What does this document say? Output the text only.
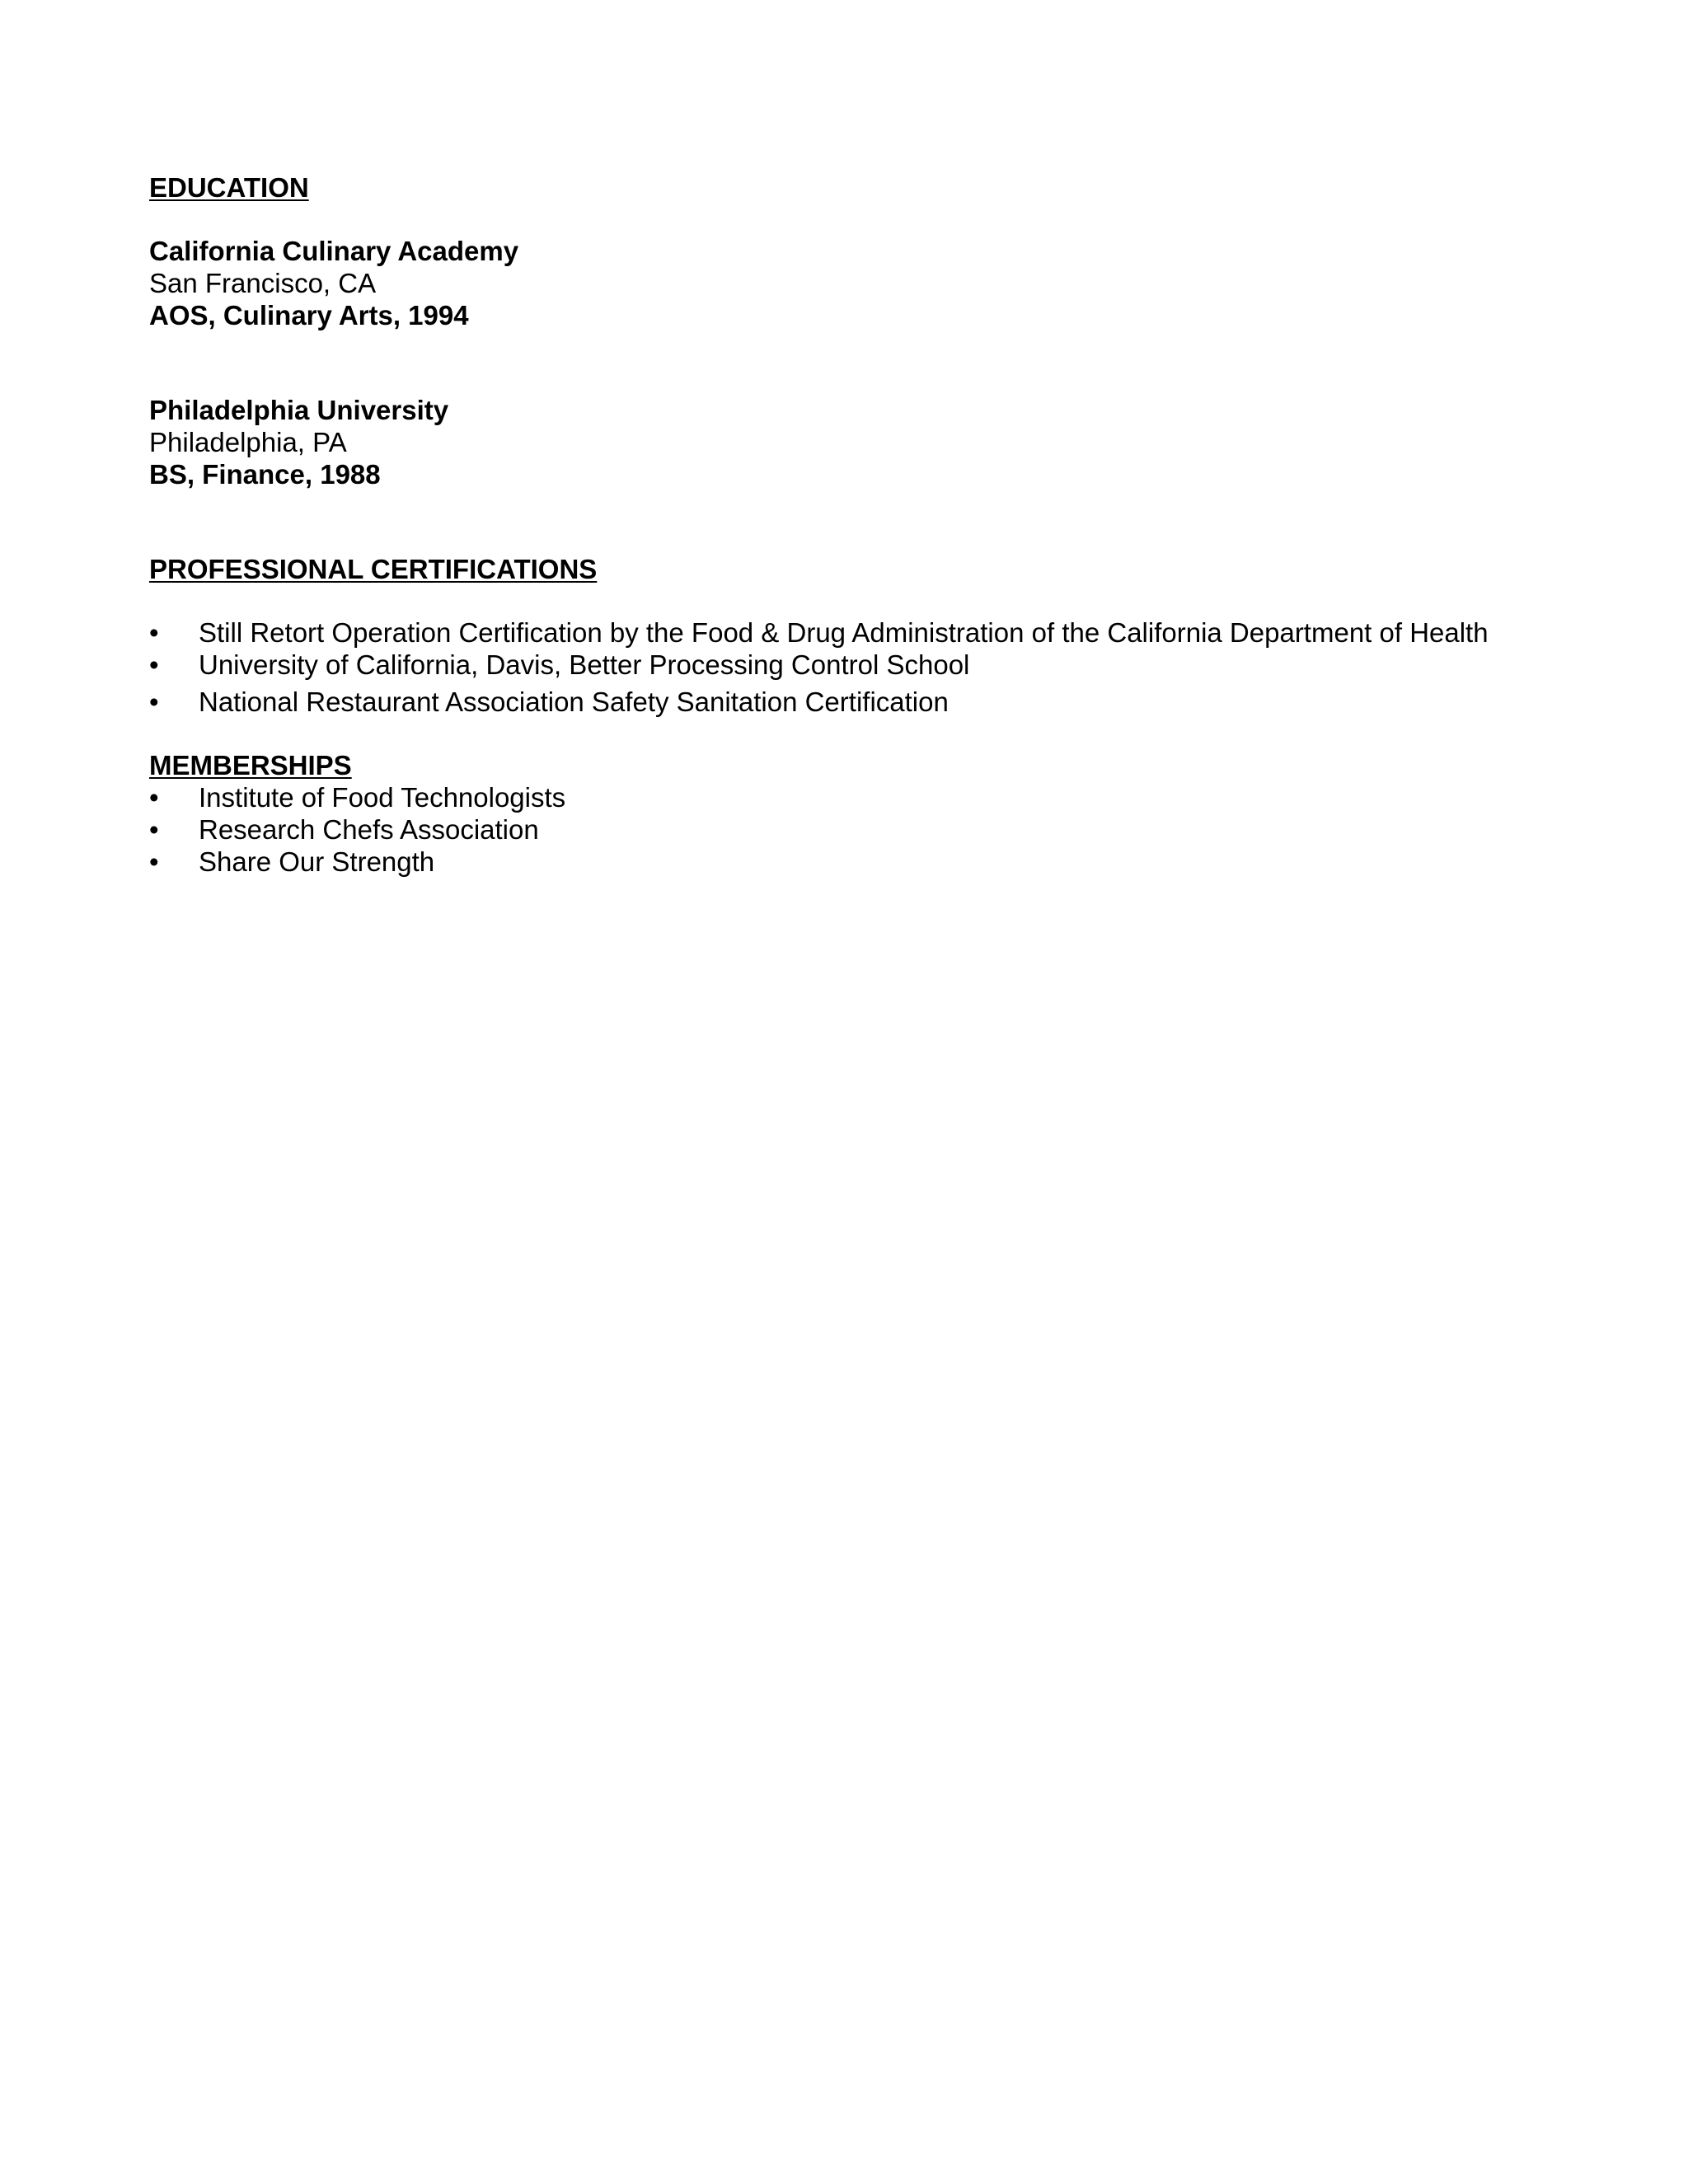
EDUCATION

California Culinary Academy

San Francisco, CA

AOS, Culinary Arts, 1994

Philadelphia University

Philadelphia, PA

BS, Finance, 1988

PROFESSIONAL CERTIFICATIONS

•	Still Retort Operation Certification by the Food & Drug Administration of the California Department of Health
•	University of California, Davis, Better Processing Control School
•	National Restaurant Association Safety Sanitation Certification

MEMBERSHIPS

•	Institute of Food Technologists
•	Research Chefs Association
•	Share Our Strength
